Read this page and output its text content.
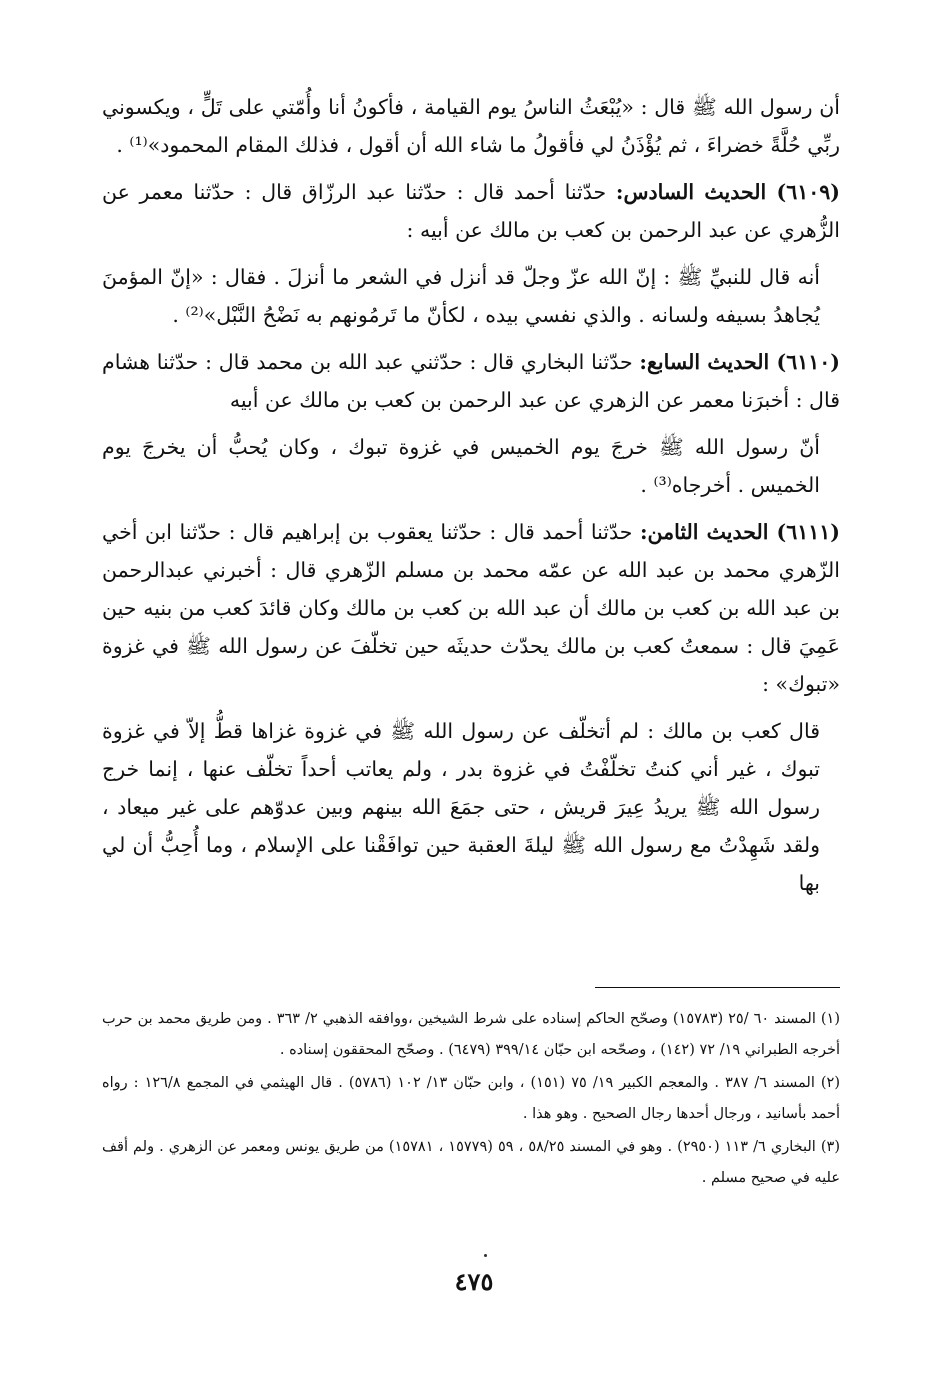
أن رسول الله ﷺ قال : «يُبْعَثُ الناسُ يوم القيامة ، فأكونُ أنا وأُمّتي على تَلٍّ ، ويكسوني ربِّي حُلَّةً خضراءَ ، ثم يُؤْذَنُ لي فأقولُ ما شاء الله أن أقول ، فذلك المقام المحمود»⁽¹⁾ .

(٦١٠٩) الحديث السادس: حدّثنا أحمد قال : حدّثنا عبد الرزّاق قال : حدّثنا معمر عن الزُّهري عن عبد الرحمن بن كعب بن مالك عن أبيه :

أنه قال للنبيِّ ﷺ : إنّ الله عزّ وجلّ قد أنزل في الشعر ما أنزلَ . فقال : «إنّ المؤمنَ يُجاهدُ بسيفه ولسانه . والذي نفسي بيده ، لكأنّ ما تَرمُونهم به نَضْحُ النَّبْل»⁽²⁾ .

(٦١١٠) الحديث السابع: حدّثنا البخاري قال : حدّثني عبد الله بن محمد قال : حدّثنا هشام قال : أخبرَنا معمر عن الزهري عن عبد الرحمن بن كعب بن مالك عن أبيه

أنّ رسول الله ﷺ خرجَ يوم الخميس في غزوة تبوك ، وكان يُحبُّ أن يخرجَ يوم الخميس . أخرجاه⁽³⁾ .

(٦١١١) الحديث الثامن: حدّثنا أحمد قال : حدّثنا يعقوب بن إبراهيم قال : حدّثنا ابن أخي الزّهري محمد بن عبد الله عن عمّه محمد بن مسلم الزّهري قال : أخبرني عبدالرحمن بن عبد الله بن كعب بن مالك أن عبد الله بن كعب بن مالك وكان قائدَ كعب من بنيه حين عَمِيَ قال : سمعتُ كعب بن مالك يحدّث حديثَه حين تخلّفَ عن رسول الله ﷺ في غزوة «تبوك» :

قال كعب بن مالك : لم أتخلّف عن رسول الله ﷺ في غزوة غزاها قطُّ إلاّ في غزوة تبوك ، غير أني كنتُ تخلّفْتُ في غزوة بدر ، ولم يعاتب أحداً تخلّف عنها ، إنما خرج رسول الله ﷺ يريدُ عِيرَ قريش ، حتى جمَعَ الله بينهم وبين عدوّهم على غير ميعاد ، ولقد شَهِدْتُ مع رسول الله ﷺ ليلةَ العقبة حين توافَقْنا على الإسلام ، وما أُحِبُّ أن لي بها

(١) المسند ٦٠ /٢٥ (١٥٧٨٣) وصحّح الحاكم إسناده على شرط الشيخين ،ووافقه الذهبي ٢/ ٣٦٣ . ومن طريق محمد بن حرب أخرجه الطبراني ١٩/ ٧٢ (١٤٢) ، وصحّحه ابن حبّان ٣٩٩/١٤ (٦٤٧٩) . وصحّح المحققون إسناده .

(٢) المسند ٦/ ٣٨٧ . والمعجم الكبير ١٩/ ٧٥ (١٥١) ، وابن حبّان ١٣/ ١٠٢ (٥٧٨٦) . قال الهيثمي في المجمع ١٢٦/٨ : رواه أحمد بأسانيد ، ورجال أحدها رجال الصحيح . وهو هذا .

(٣) البخاري ٦/ ١١٣ (٢٩٥٠) . وهو في المسند ٥٨/٢٥ ، ٥٩ (١٥٧٧٩ ، ١٥٧٨١) من طريق يونس ومعمر عن الزهري . ولم أقف عليه في صحيح مسلم .

٤٧٥
